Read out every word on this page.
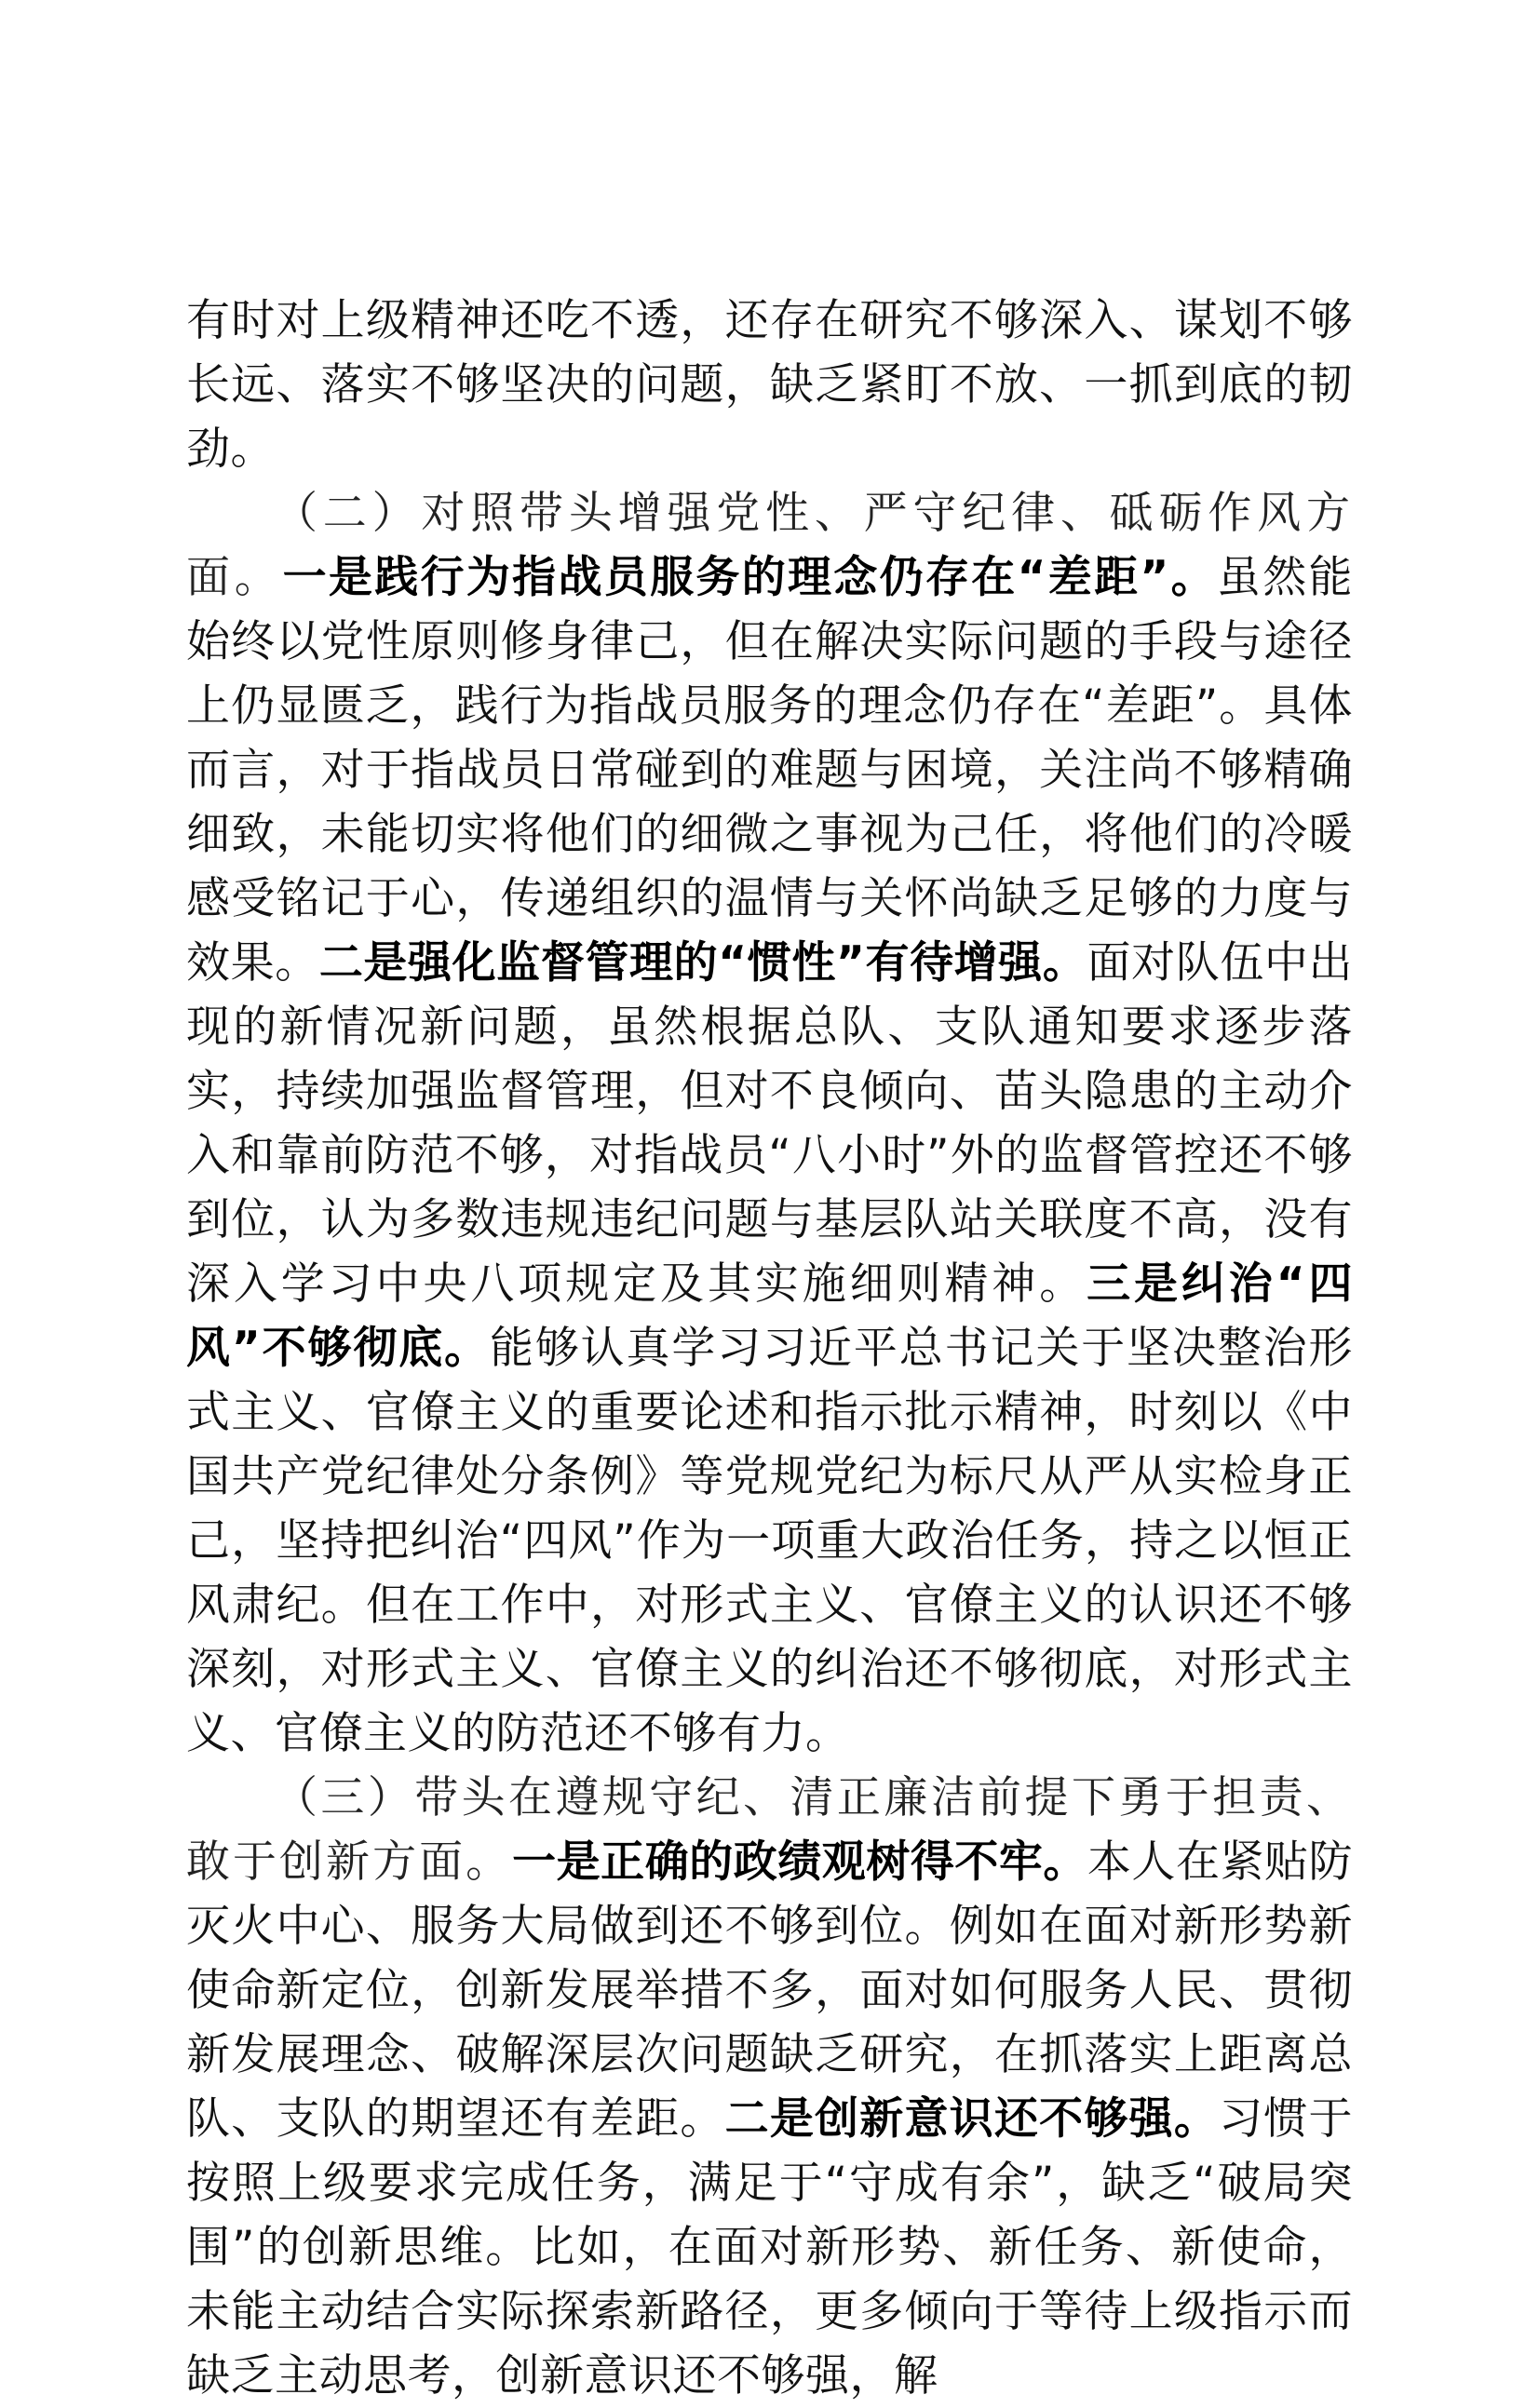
有时对上级精神还吃不透，还存在研究不够深入、谋划不够长远、落实不够坚决的问题，缺乏紧盯不放、一抓到底的韧劲。

（二）对照带头增强党性、严守纪律、砥砺作风方面。一是践行为指战员服务的理念仍存在“差距”。虽然能始终以党性原则修身律己，但在解决实际问题的手段与途径上仍显匮乏，践行为指战员服务的理念仍存在“差距”。具体而言，对于指战员日常碰到的难题与困境，关注尚不够精确细致，未能切实将他们的细微之事视为己任，将他们的冷暖感受铭记于心，传递组织的温情与关怀尚缺乏足够的力度与效果。二是强化监督管理的“惯性”有待增强。面对队伍中出现的新情况新问题，虽然根据总队、支队通知要求逐步落实，持续加强监督管理，但对不良倾向、苗头隐患的主动介入和靠前防范不够，对指战员“八小时”外的监督管控还不够到位，认为多数违规违纪问题与基层队站关联度不高，没有深入学习中央八项规定及其实施细则精神。三是纠治“四风”不够彻底。能够认真学习习近平总书记关于坚决整治形式主义、官僚主义的重要论述和指示批示精神，时刻以《中国共产党纪律处分条例》等党规党纪为标尺从严从实检身正己，坚持把纠治“四风”作为一项重大政治任务，持之以恒正风肃纪。但在工作中，对形式主义、官僚主义的认识还不够深刻，对形式主义、官僚主义的纠治还不够彻底，对形式主义、官僚主义的防范还不够有力。

（三）带头在遵规守纪、清正廉洁前提下勇于担责、敢于创新方面。一是正确的政绩观树得不牢。本人在紧贴防灭火中心、服务大局做到还不够到位。例如在面对新形势新使命新定位，创新发展举措不多，面对如何服务人民、贯彻新发展理念、破解深层次问题缺乏研究，在抓落实上距离总队、支队的期望还有差距。二是创新意识还不够强。习惯于按照上级要求完成任务，满足于“守成有余”，缺乏“破局突围”的创新思维。比如，在面对新形势、新任务、新使命，未能主动结合实际探索新路径，更多倾向于等待上级指示而缺乏主动思考，创新意识还不够强，解
